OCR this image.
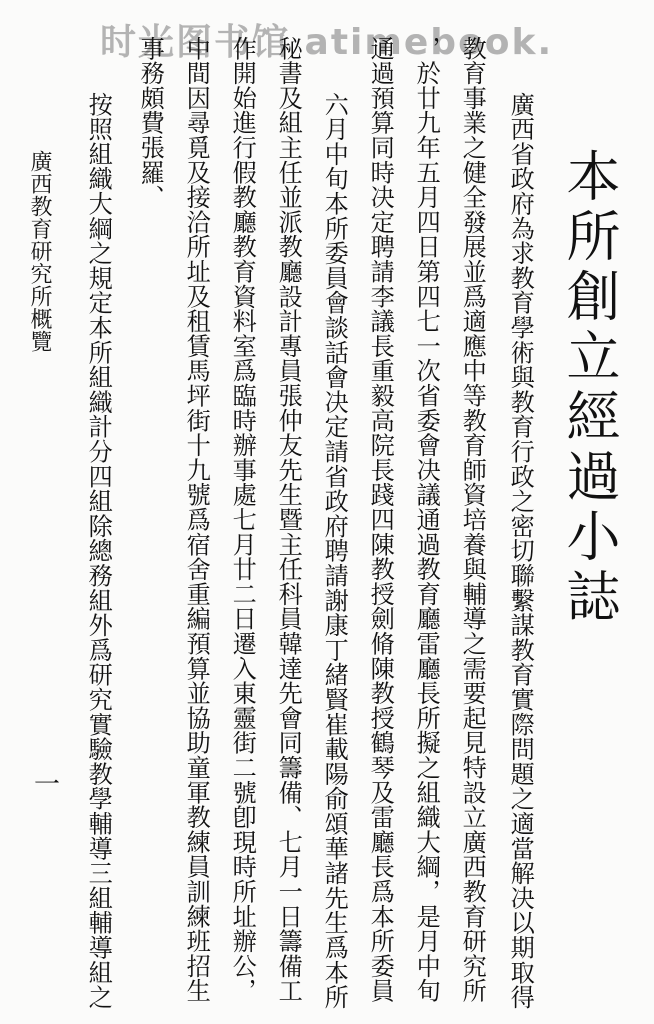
时光图书馆 atimebook.
本所創立經過小誌
廣西省政府為求教育學術與教育行政之密切聯繫謀教育實際問題之適當解决以期取得
教育事業之健全發展並爲適應中等教育師資培養與輔導之需要起見特設立廣西教育研究所
，於廿九年五月四日第四七一次省委會决議通過教育廳雷廳長所擬之組織大綱，是月中旬
通過預算同時决定聘請李議長重毅高院長踐四陳教授劍脩陳教授鶴琴及雷廳長爲本所委員
六月中旬本所委員會談話會决定請省政府聘請謝康丁緒賢崔載陽俞頌華諸先生爲本所
秘書及組主任並派教廳設計專員張仲友先生暨主任科員韓達先會同籌備、七月一日籌備工
作開始進行假教廳教育資料室爲臨時辦事處七月廿二日遷入東靈街二號卽現時所址辦公，
中間因尋覓及接洽所址及租賃馬坪街十九號爲宿舍重編預算並協助童軍教練員訓練班招生
事務頗費張羅、
按照組織大綱之規定本所組織計分四組除總務組外爲研究實驗教學輔導三組輔導組之
廣西教育研究所概覽
一
